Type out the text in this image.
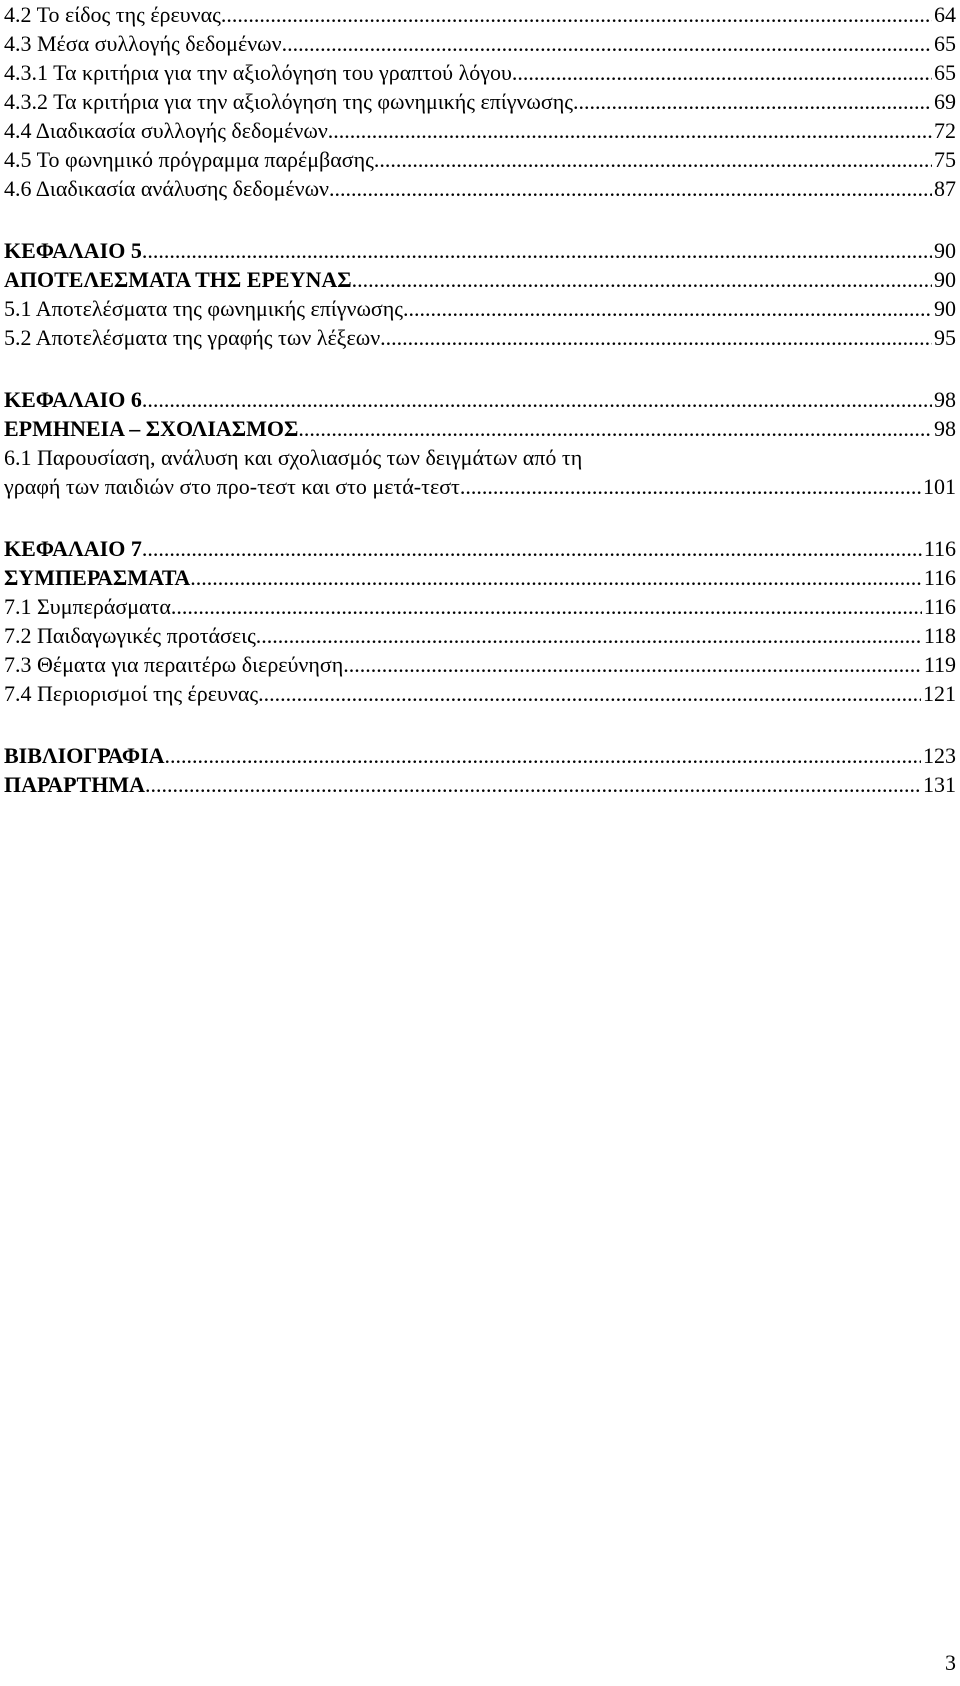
4.2 Το είδος της έρευνας .....	64
4.3 Μέσα συλλογής δεδομένων .....	65
4.3.1 Τα κριτήρια για την αξιολόγηση του γραπτού λόγου .....	65
4.3.2 Τα κριτήρια για την αξιολόγηση της φωνημικής επίγνωσης .....	69
4.4 Διαδικασία συλλογής δεδομένων .....	72
4.5 Το φωνημικό πρόγραμμα παρέμβασης .....	75
4.6 Διαδικασία ανάλυσης δεδομένων .....	87
ΚΕΦΑΛΑΙΟ 5 .....	90
ΑΠΟΤΕΛΕΣΜΑΤΑ ΤΗΣ ΕΡΕΥΝΑΣ .....	90
5.1 Αποτελέσματα της φωνημικής επίγνωσης .....	90
5.2 Αποτελέσματα της γραφής των λέξεων .....	95
ΚΕΦΑΛΑΙΟ 6 .....	98
ΕΡΜΗΝΕΙΑ – ΣΧΟΛΙΑΣΜΟΣ .....	98
6.1 Παρουσίαση, ανάλυση και σχολιασμός των δειγμάτων από τη
γραφή των παιδιών στο προ-τεστ και στο μετά-τεστ .....	101
ΚΕΦΑΛΑΙΟ 7 .....	116
ΣΥΜΠΕΡΑΣΜΑΤΑ .....	116
7.1 Συμπεράσματα .....	116
7.2 Παιδαγωγικές προτάσεις .....	118
7.3 Θέματα για περαιτέρω διερεύνηση .....	119
7.4 Περιορισμοί της έρευνας .....	121
ΒΙΒΛΙΟΓΡΑΦΙΑ .....	123
ΠΑΡΑΡΤΗΜΑ .....	131
3
